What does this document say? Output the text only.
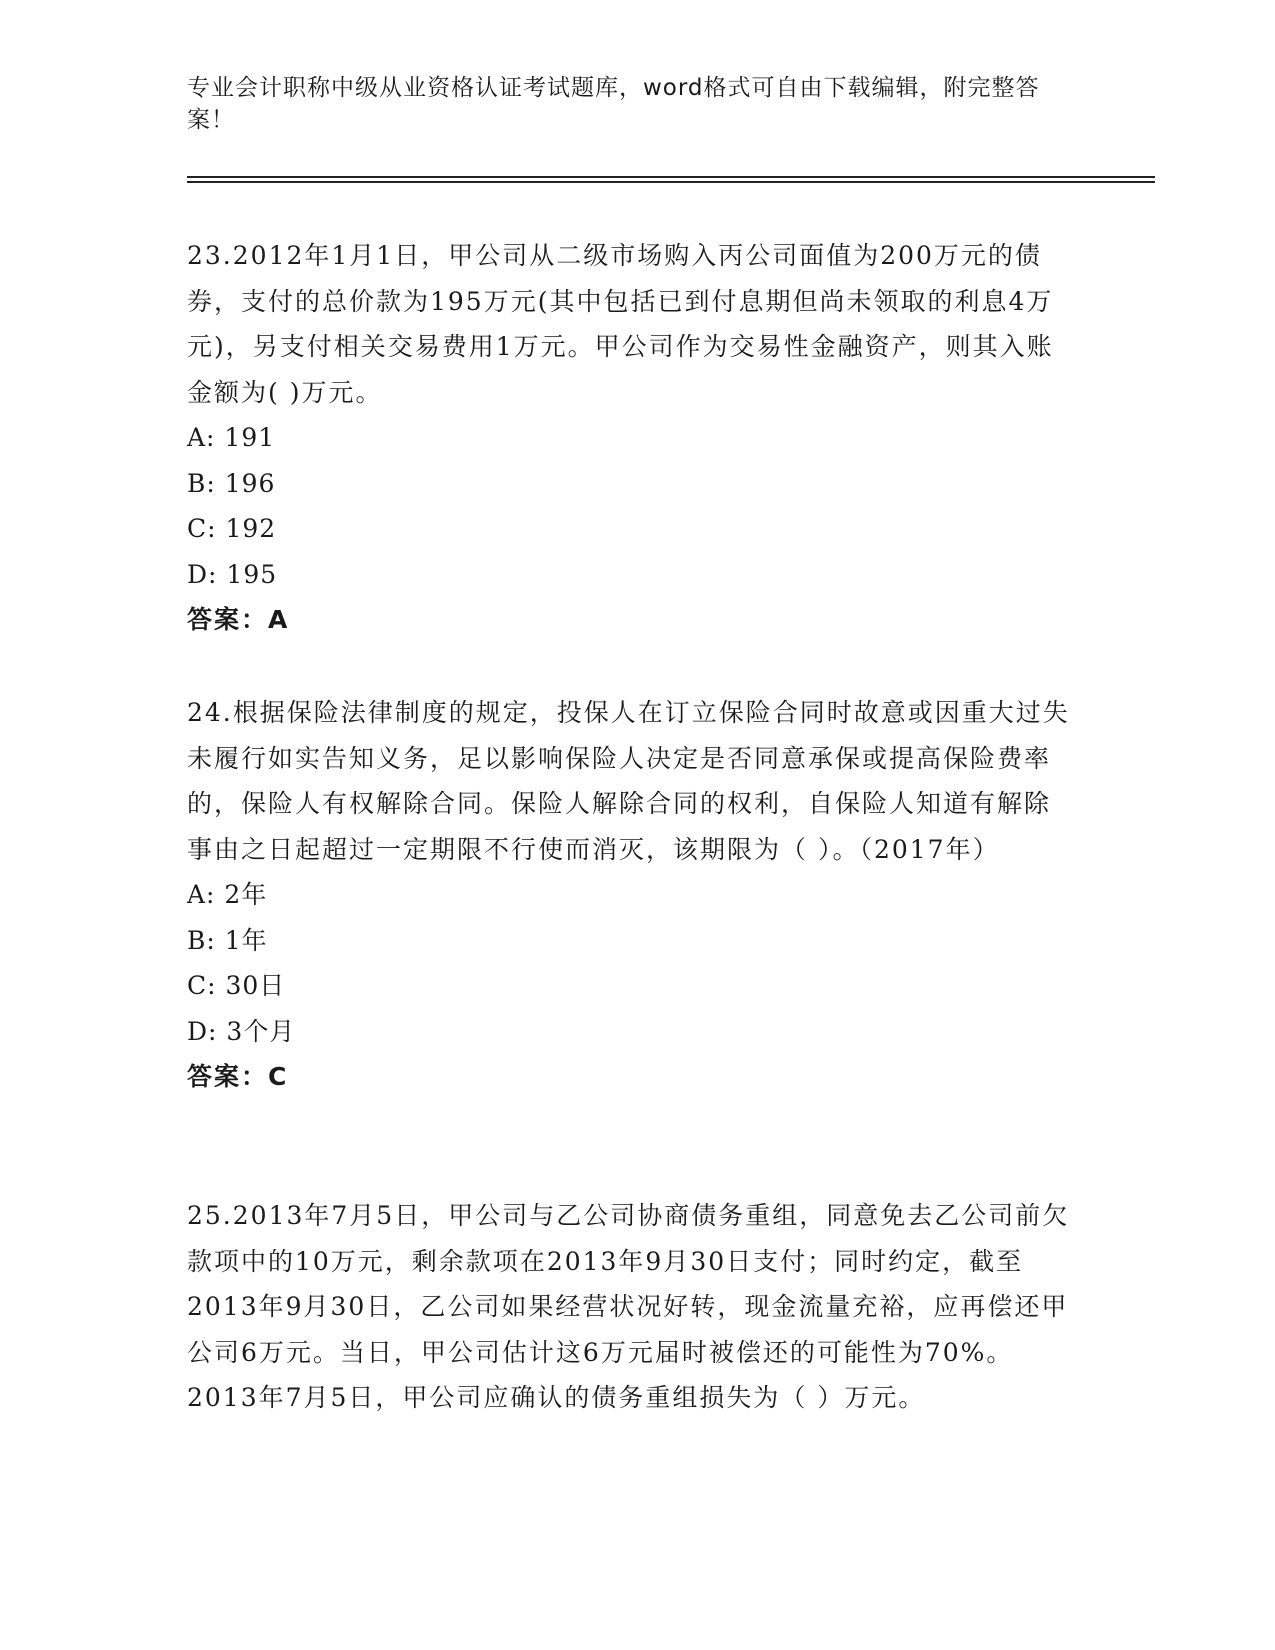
专业会计职称中级从业资格认证考试题库，word格式可自由下载编辑，附完整答案！

23.2012年1月1日，甲公司从二级市场购入丙公司面值为200万元的债券，支付的总价款为195万元(其中包括已到付息期但尚未领取的利息4万元)，另支付相关交易费用1万元。甲公司作为交易性金融资产，则其入账金额为( )万元。

A: 191

B: 196

C: 192

D: 195

答案：A

24.根据保险法律制度的规定，投保人在订立保险合同时故意或因重大过失未履行如实告知义务，足以影响保险人决定是否同意承保或提高保险费率的，保险人有权解除合同。保险人解除合同的权利，自保险人知道有解除事由之日起超过一定期限不行使而消灭，该期限为（ ）。（2017年）

A: 2年

B: 1年

C: 30日

D: 3个月

答案：C

25.2013年7月5日，甲公司与乙公司协商债务重组，同意免去乙公司前欠款项中的10万元，剩余款项在2013年9月30日支付；同时约定，截至2013年9月30日，乙公司如果经营状况好转，现金流量充裕，应再偿还甲公司6万元。当日，甲公司估计这6万元届时被偿还的可能性为70%。2013年7月5日，甲公司应确认的债务重组损失为（ ）万元。
